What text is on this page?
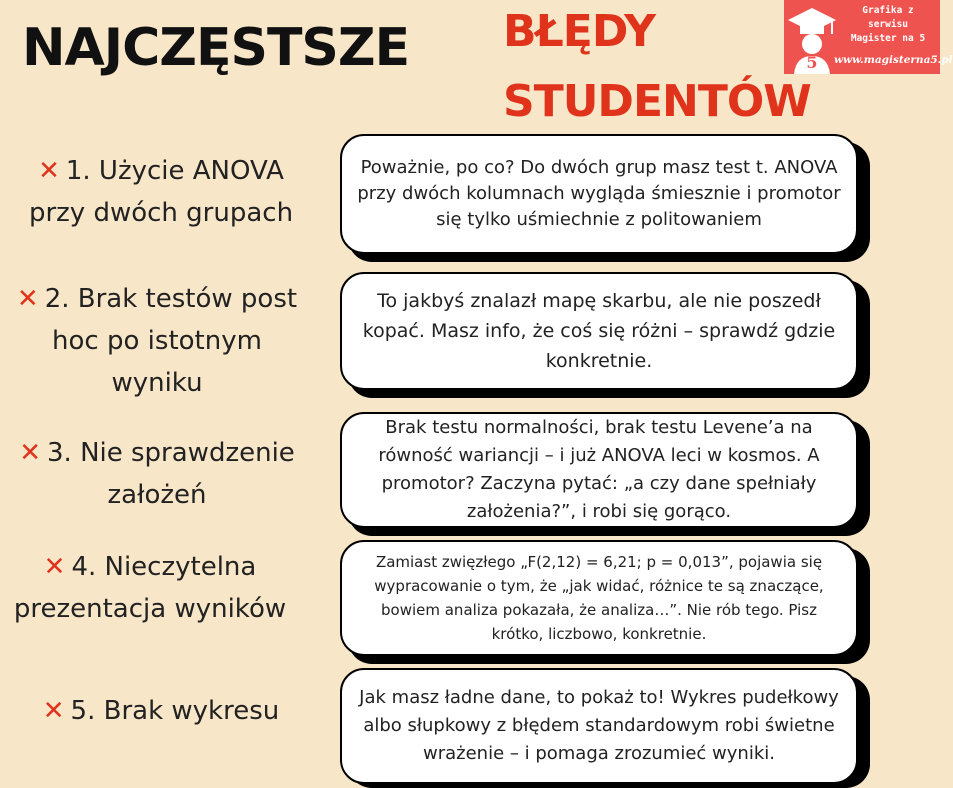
NAJCZĘSTSZE BŁĘDY
STUDENTÓW
5
Grafika z serwisu
Magister na 5
www.magisterna5.pl
✕ 1. Użycie ANOVA przy dwóch grupach
Poważnie, po co? Do dwóch grup masz test t. ANOVA przy dwóch kolumnach wygląda śmiesznie i promotor się tylko uśmiechnie z politowaniem
✕ 2. Brak testów post hoc po istotnym wyniku
To jakbyś znalazł mapę skarbu, ale nie poszedł kopać. Masz info, że coś się różni – sprawdź gdzie konkretnie.
✕ 3. Nie sprawdzenie założeń
Brak testu normalności, brak testu Levene’a na równość wariancji – i już ANOVA leci w kosmos. A promotor? Zaczyna pytać: „a czy dane spełniały założenia?”, i robi się gorąco.
✕ 4. Nieczytelna prezentacja wyników
Zamiast zwięzłego „F(2,12) = 6,21; p = 0,013”, pojawia się wypracowanie o tym, że „jak widać, różnice te są znaczące, bowiem analiza pokazała, że analiza…”. Nie rób tego. Pisz krótko, liczbowo, konkretnie.
✕ 5. Brak wykresu	Jak masz ładne dane, to pokaż to! Wykres pudełkowy albo słupkowy z błędem standardowym robi świetne wrażenie – i pomaga zrozumieć wyniki.
